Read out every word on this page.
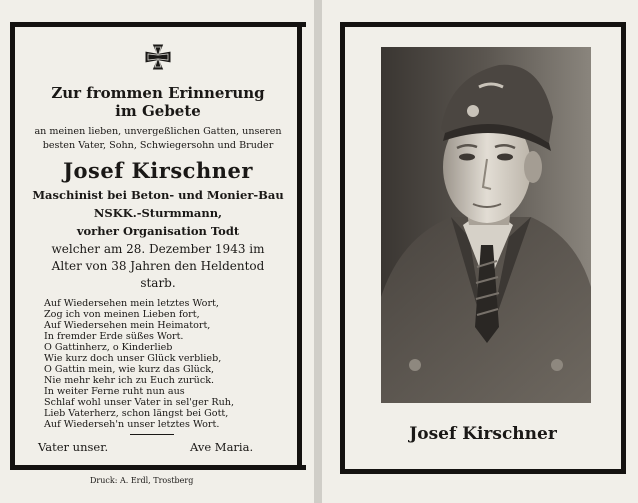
Zur frommen Erinnerung
im Gebete
an meinen lieben, unvergeßlichen Gatten, unseren
besten Vater, Sohn, Schwiegersohn und Bruder
Josef Kirschner
Maschinist bei Beton- und Monier-Bau
NSKK.-Sturmmann,
vorher Organisation Todt
welcher am 28. Dezember 1943 im
Alter von 38 Jahren den Heldentod
starb.
Auf Wiedersehen mein letztes Wort,
Zog ich von meinen Lieben fort,
Auf Wiedersehen mein Heimatort,
In fremder Erde süßes Wort.
O Gattinherz, o Kinderlieb
Wie kurz doch unser Glück verblieb,
O Gattin mein, wie kurz das Glück,
Nie mehr kehr ich zu Euch zurück.
In weiter Ferne ruht nun aus
Schlaf wohl unser Vater in sel'ger Ruh,
Lieb Vaterherz, schon längst bei Gott,
Auf Wiederseh'n unser letztes Wort.
Vater unser.	Ave Maria.
Druck: A. Erdl, Trostberg
Josef Kirschner
